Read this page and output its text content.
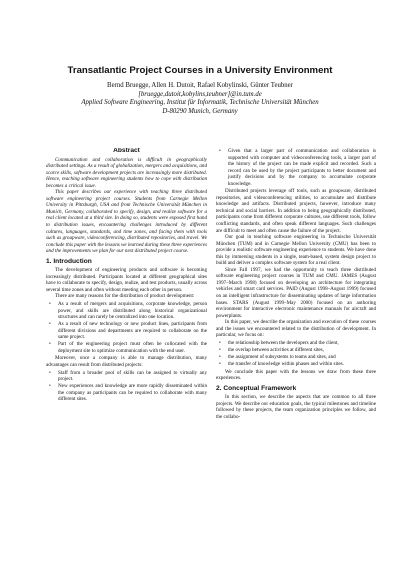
Transatlantic Project Courses in a University Environment
Bernd Bruegge, Allen H. Dutoit, Rafael Kobylinski, Günter Teubner
[bruegge,dutoit,kobylins,teubner]@in.tum.de
Applied Software Engineering, Institut für Informatik, Technische Universität München
D-80290 Munich, Germany
Abstract

Communication and collaboration is difficult in geographically distributed settings. As a result of globalization, mergers and acquisitions, and scarce skills, software development projects are increasingly more distributed. Hence, teaching software engineering students how to cope with distribution becomes a critical issue.

This paper describes our experience with teaching three distributed software engineering project courses. Students from Carnegie Mellon University in Pittsburgh, USA and from Technische Universität München in Munich, Germany, collaborated to specify, design, and realize software for a real client located at a third site. In doing so, students were exposed first hand to distribution issues, encountering challenges introduced by different cultures, languages, standards, and time zones, and facing them with tools such as groupware, videoconferencing, distributed repositories, and travel. We conclude this paper with the lessons we learned during these three experiences and the improvements we plan for our next distributed project course.

1. Introduction

The development of engineering products and software is becoming increasingly distributed. Participants located at different geographical sites have to collaborate to specify, design, realize, and test products, usually across several time zones and often without meeting each other in person.

There are many reasons for the distribution of product development:

• As a result of mergers and acquisitions, corporate knowledge, person power, and skills are distributed along historical organizational structures and can rarely be centralized into one location.
• As a result of new technology or new product lines, participants from different divisions and departments are required to collaborate on the same project.
• Part of the engineering project must often be collocated with the deployment site to optimize communication with the end user.

Moreover, once a company is able to manage distribution, many advantages can result from distributed projects:

• Staff from a broader pool of skills can be assigned to virtually any project.
• New experiences and knowledge are more rapidly disseminated within the company as participants can be required to collaborate with many different sites.
• Given that a larger part of communication and collaboration is supported with computer and videoconferencing tools, a larger part of the history of the project can be made explicit and recorded. Such a record can be used by the project participants to better document and justify decisions and by the company to accumulate corporate knowledge.

Distributed projects leverage off tools, such as groupware, distributed repositories, and videoconferencing utilities, to accumulate and distribute knowledge and artifacts. Distributed projects, however, introduce many technical and social barriers. In addition to being geographically distributed, participants come from different corporate cultures, use different tools, follow conflicting standards, and often speak different languages. Such challenges are difficult to meet and often cause the failure of the project.

Our goal in teaching software engineering in Technische Universität München (TUM) and in Carnegie Mellon University (CMU) has been to provide a realistic software engineering experience to students. We have done this by immersing students in a single, team-based, system design project to build and deliver a complex software system for a real client.

Since Fall 1997, we had the opportunity to teach three distributed software engineering project courses in TUM and CMU. JAMES (August 1997–March 1998) focused on developing an architecture for integrating vehicles and smart card services. PAID (August 1998–August 1999) focused on an intelligent infrastructure for disseminating updates of large information bases. STARS (August 1999–May 2000) focused on an authoring environment for interactive electronic maintenance manuals for aircraft and powerplants.

In this paper, we describe the organization and execution of these courses and the issues we encountered related to the distribution of development. In particular, we focus on:

• the relationship between the developers and the client,
• the overlap between activities at different sites,
• the assignment of subsystems to teams and sites, and
• the transfer of knowledge within phases and within sites.

We conclude this paper with the lessons we draw from these three experiences.

2. Conceptual Framework

In this section, we describe the aspects that are common to all three projects. We describe our education goals, the typical milestones and timeline followed by these projects, the team organization principles we follow, and the collabo-
